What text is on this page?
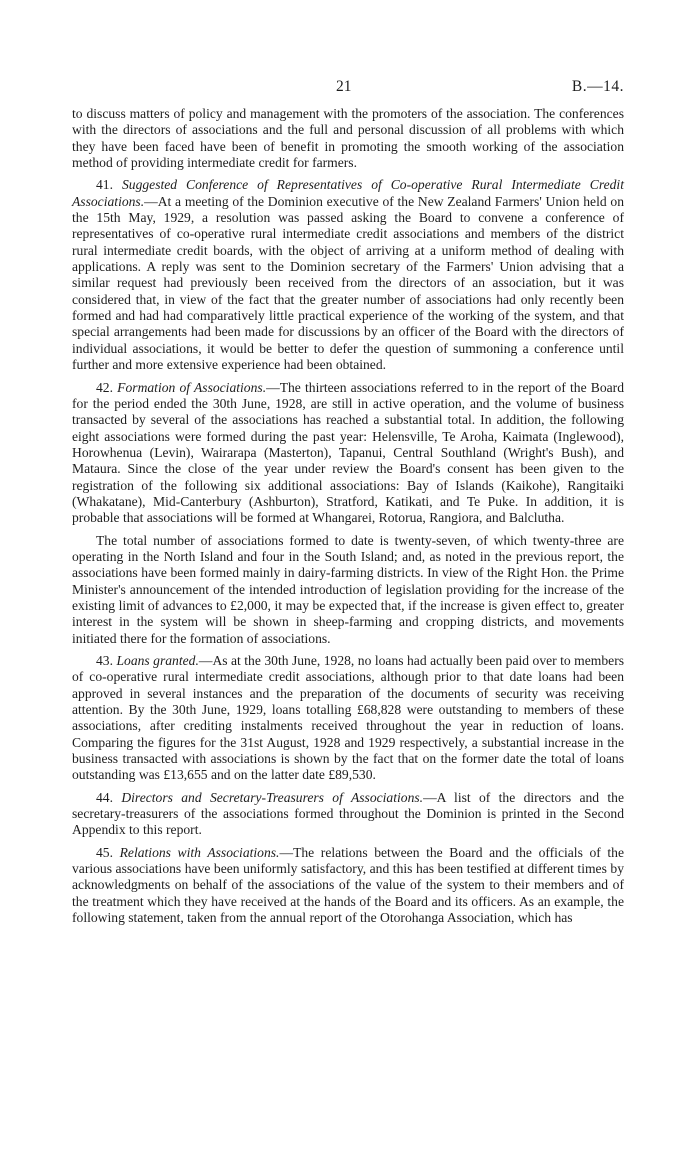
21	B.—14.

to discuss matters of policy and management with the promoters of the association. The conferences with the directors of associations and the full and personal discussion of all problems with which they have been faced have been of benefit in promoting the smooth working of the association method of providing intermediate credit for farmers.

41. Suggested Conference of Representatives of Co-operative Rural Intermediate Credit Associations.—At a meeting of the Dominion executive of the New Zealand Farmers' Union held on the 15th May, 1929, a resolution was passed asking the Board to convene a conference of representatives of co-operative rural intermediate credit associations and members of the district rural intermediate credit boards, with the object of arriving at a uniform method of dealing with applications. A reply was sent to the Dominion secretary of the Farmers' Union advising that a similar request had previously been received from the directors of an association, but it was considered that, in view of the fact that the greater number of associations had only recently been formed and had had comparatively little practical experience of the working of the system, and that special arrangements had been made for discussions by an officer of the Board with the directors of individual associations, it would be better to defer the question of summoning a conference until further and more extensive experience had been obtained.

42. Formation of Associations.—The thirteen associations referred to in the report of the Board for the period ended the 30th June, 1928, are still in active operation, and the volume of business transacted by several of the associations has reached a substantial total. In addition, the following eight associations were formed during the past year: Helensville, Te Aroha, Kaimata (Inglewood), Horowhenua (Levin), Wairarapa (Masterton), Tapanui, Central Southland (Wright's Bush), and Mataura. Since the close of the year under review the Board's consent has been given to the registration of the following six additional associations: Bay of Islands (Kaikohe), Rangitaiki (Whakatane), Mid-Canterbury (Ashburton), Stratford, Katikati, and Te Puke. In addition, it is probable that associations will be formed at Whangarei, Rotorua, Rangiora, and Balclutha.

The total number of associations formed to date is twenty-seven, of which twenty-three are operating in the North Island and four in the South Island; and, as noted in the previous report, the associations have been formed mainly in dairy-farming districts. In view of the Right Hon. the Prime Minister's announcement of the intended introduction of legislation providing for the increase of the existing limit of advances to £2,000, it may be expected that, if the increase is given effect to, greater interest in the system will be shown in sheep-farming and cropping districts, and movements initiated there for the formation of associations.

43. Loans granted.—As at the 30th June, 1928, no loans had actually been paid over to members of co-operative rural intermediate credit associations, although prior to that date loans had been approved in several instances and the preparation of the documents of security was receiving attention. By the 30th June, 1929, loans totalling £68,828 were outstanding to members of these associations, after crediting instalments received throughout the year in reduction of loans. Comparing the figures for the 31st August, 1928 and 1929 respectively, a substantial increase in the business transacted with associations is shown by the fact that on the former date the total of loans outstanding was £13,655 and on the latter date £89,530.

44. Directors and Secretary-Treasurers of Associations.—A list of the directors and the secretary-treasurers of the associations formed throughout the Dominion is printed in the Second Appendix to this report.

45. Relations with Associations.—The relations between the Board and the officials of the various associations have been uniformly satisfactory, and this has been testified at different times by acknowledgments on behalf of the associations of the value of the system to their members and of the treatment which they have received at the hands of the Board and its officers. As an example, the following statement, taken from the annual report of the Otorohanga Association, which has
